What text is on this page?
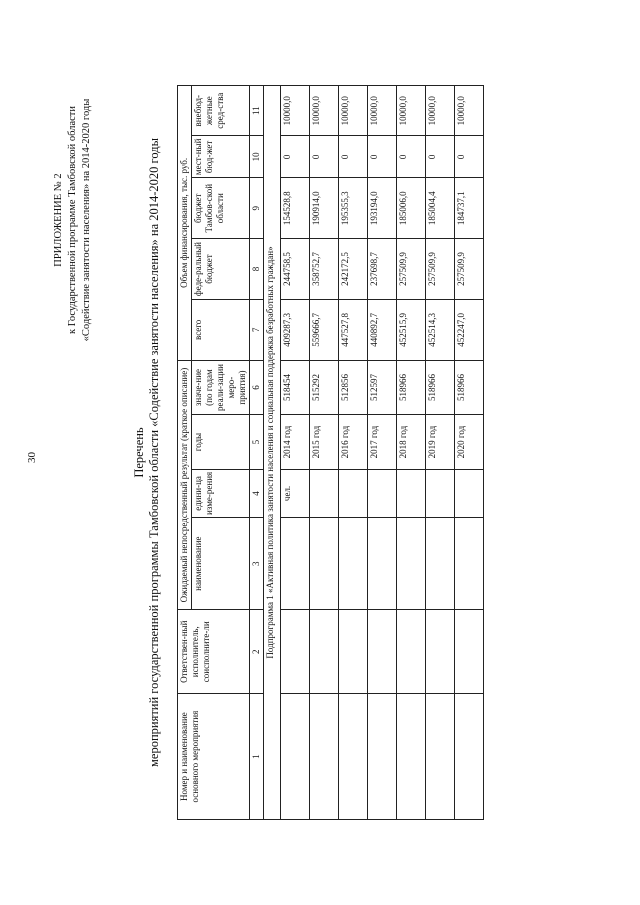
30
ПРИЛОЖЕНИЕ № 2 к Государственной программе Тамбовской области «Содействие занятости населения» на 2014-2020 годы
Перечень мероприятий государственной программы Тамбовской области «Содействие занятости населения» на 2014-2020 годы Номер и наименование основного мероприятия	Ответствен-ный исполнитель, соисполните-ли	Ожидаемый непосредственный результат (краткое описание)				Объем финансирования, тыс. руб.				
		наименование	едини-ца изме-рения	годы	значе-ние (по годам реали-зации меро-приятия)	всего	феде-ральный бюджет	бюджет Тамбов-ской области	мест-ный бюд-жет	внебюд-жетные сред-ства
1	2	3	4	5	6	7	8	9	10	11
Подпрограмма 1 «Активная политика занятости населения и социальная поддержка безработных граждан»										
			чел.	2014 год	518454	409287,3	244758,5	154528,8	0	10000,0
				2015 год	515292	559666,7	358752,7	190914,0	0	10000,0
				2016 год	512856	447527,8	242172,5	195355,3	0	10000,0
				2017 год	512597	440892,7	237698,7	193194,0	0	10000,0
				2018 год	518966	452515,9	257509,9	185006,0	0	10000,0
				2019 год	518966	452514,3	257509,9	185004,4	0	10000,0
				2020 год	518966	452247,0	257509,9	184737,1	0	10000,0
